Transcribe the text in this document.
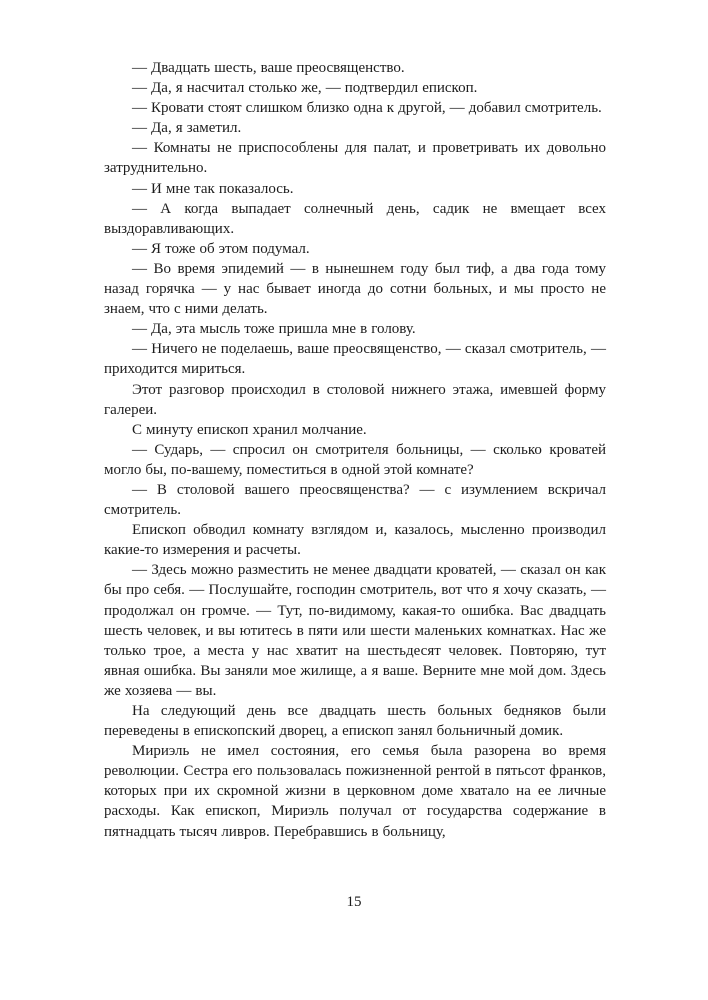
— Двадцать шесть, ваше преосвященство.

— Да, я насчитал столько же, — подтвердил епископ.

— Кровати стоят слишком близко одна к другой, — добавил смотритель.

— Да, я заметил.

— Комнаты не приспособлены для палат, и проветривать их довольно затруднительно.

— И мне так показалось.

— А когда выпадает солнечный день, садик не вмещает всех выздоравливающих.

— Я тоже об этом подумал.

— Во время эпидемий — в нынешнем году был тиф, а два года тому назад горячка — у нас бывает иногда до сотни больных, и мы просто не знаем, что с ними делать.

— Да, эта мысль тоже пришла мне в голову.

— Ничего не поделаешь, ваше преосвященство, — сказал смотритель, — приходится мириться.

Этот разговор происходил в столовой нижнего этажа, имевшей форму галереи.

С минуту епископ хранил молчание.

— Сударь, — спросил он смотрителя больницы, — сколько кроватей могло бы, по-вашему, поместиться в одной этой комнате?

— В столовой вашего преосвященства? — с изумлением вскричал смотритель.

Епископ обводил комнату взглядом и, казалось, мысленно производил какие-то измерения и расчеты.

— Здесь можно разместить не менее двадцати кроватей, — сказал он как бы про себя. — Послушайте, господин смотритель, вот что я хочу сказать, — продолжал он громче. — Тут, по-видимому, какая-то ошибка. Вас двадцать шесть человек, и вы ютитесь в пяти или шести маленьких комнатках. Нас же только трое, а места у нас хватит на шестьдесят человек. Повторяю, тут явная ошибка. Вы заняли мое жилище, а я ваше. Верните мне мой дом. Здесь же хозяева — вы.

На следующий день все двадцать шесть больных бедняков были переведены в епископский дворец, а епископ занял больничный домик.

Мириэль не имел состояния, его семья была разорена во время революции. Сестра его пользовалась пожизненной рентой в пятьсот франков, которых при их скромной жизни в церковном доме хватало на ее личные расходы. Как епископ, Мириэль получал от государства содержание в пятнадцать тысяч ливров. Перебравшись в больницу,

15
